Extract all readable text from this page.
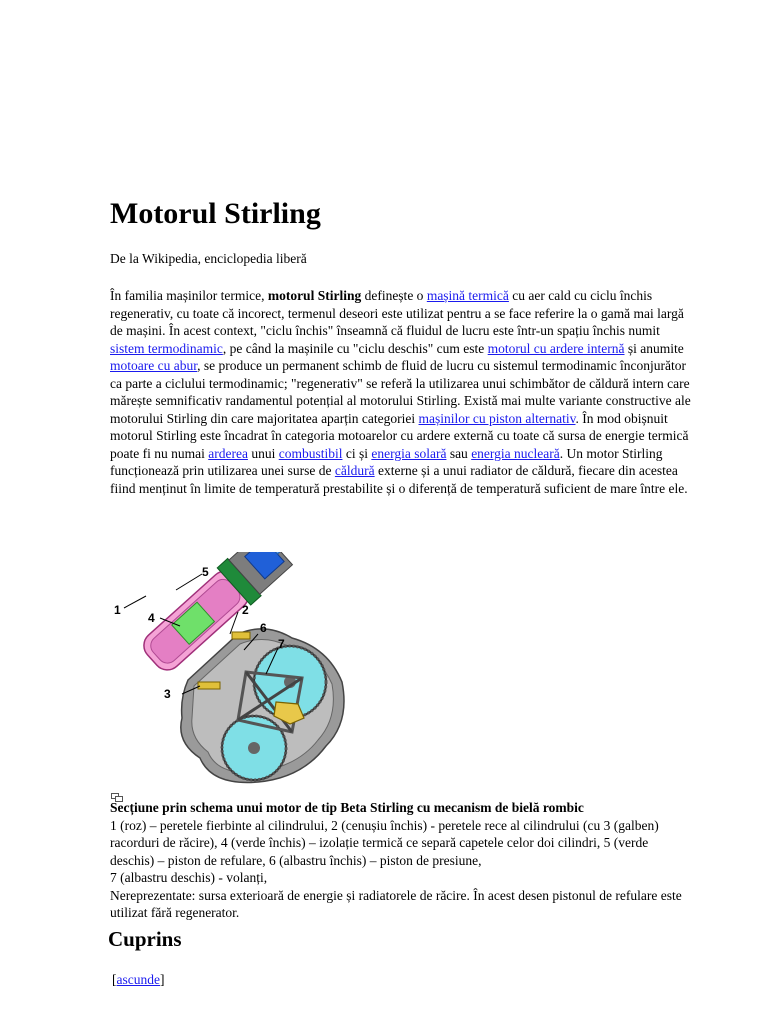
Motorul Stirling

De la Wikipedia, enciclopedia liberă

În familia mașinilor termice, motorul Stirling definește o mașină termică cu aer cald cu ciclu închis regenerativ, cu toate că incorect, termenul deseori este utilizat pentru a se face referire la o gamă mai largă de mașini. În acest context, "ciclu închis" înseamnă că fluidul de lucru este într-un spațiu închis numit sistem termodinamic, pe când la mașinile cu "ciclu deschis" cum este motorul cu ardere internă și anumite motoare cu abur, se produce un permanent schimb de fluid de lucru cu sistemul termodinamic înconjurător ca parte a ciclului termodinamic; "regenerativ" se referă la utilizarea unui schimbător de căldură intern care mărește semnificativ randamentul potențial al motorului Stirling. Există mai multe variante constructive ale motorului Stirling din care majoritatea aparțin categoriei mașinilor cu piston alternativ. În mod obișnuit motorul Stirling este încadrat în categoria motoarelor cu ardere externă cu toate că sursa de energie termică poate fi nu numai arderea unui combustibil ci și energia solară sau energia nucleară. Un motor Stirling funcționează prin utilizarea unei surse de căldură externe și a unui radiator de căldură, fiecare din acestea fiind menținut în limite de temperatură prestabilite și o diferență de temperatură suficient de mare între ele.

1	2
3
4
5
6
7
Secțiune prin schema unui motor de tip Beta Stirling cu mecanism de bielă rombic
1 (roz) – peretele fierbinte al cilindrului, 2 (cenușiu închis) - peretele rece al cilindrului (cu 3 (galben) racorduri de răcire), 4 (verde închis) – izolație termică ce separă capetele celor doi cilindri, 5 (verde deschis) – piston de refulare, 6 (albastru închis) – piston de presiune,
7 (albastru deschis) - volanți,
Nereprezentate: sursa exterioară de energie și radiatorele de răcire. În acest desen pistonul de refulare este utilizat fără regenerator.
Cuprins

[ascunde]
